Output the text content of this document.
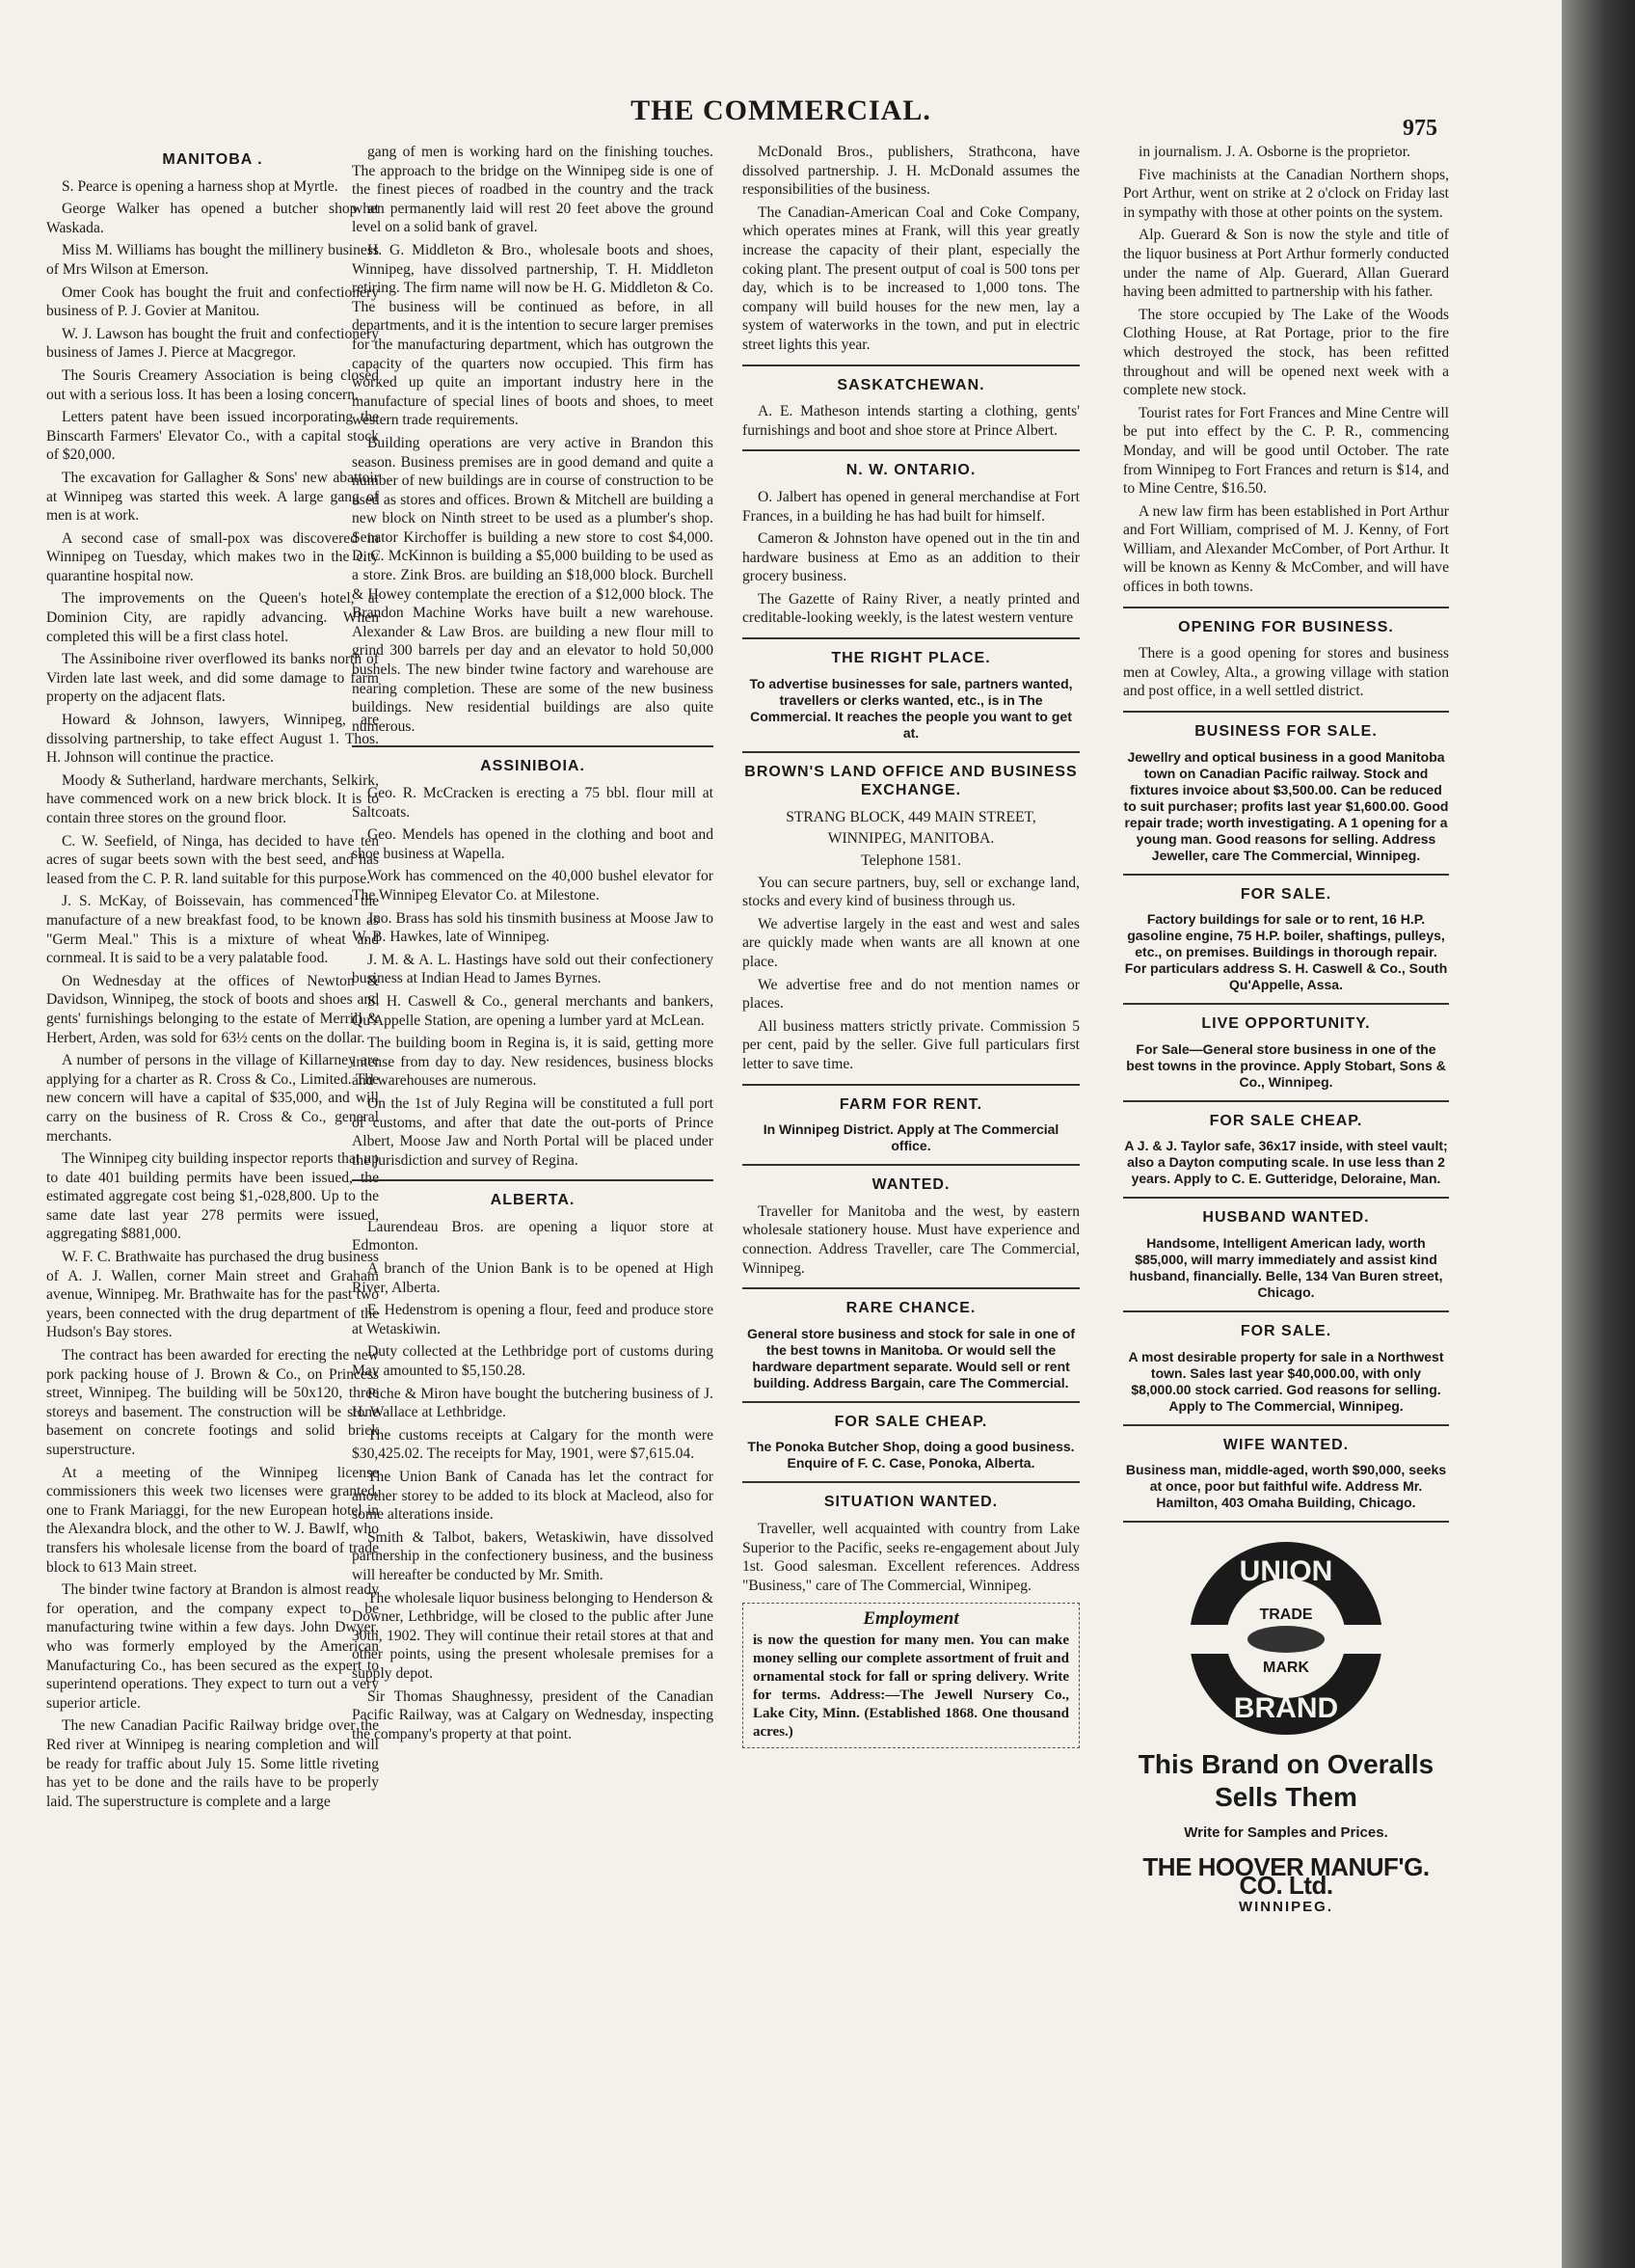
THE COMMERCIAL.
975
MANITOBA .

S. Pearce is opening a harness shop at Myrtle.

George Walker has opened a butcher shop at Waskada.

Miss M. Williams has bought the millinery business of Mrs Wilson at Emerson.

Omer Cook has bought the fruit and confectionery business of P. J. Govier at Manitou.

W. J. Lawson has bought the fruit and confectionery business of James J. Pierce at Macgregor.

The Souris Creamery Association is being closed out with a serious loss. It has been a losing concern.

Letters patent have been issued incorporating the Binscarth Farmers' Elevator Co., with a capital stock of $20,000.

The excavation for Gallagher & Sons' new abattoir at Winnipeg was started this week. A large gang of men is at work.

A second case of small-pox was discovered in Winnipeg on Tuesday, which makes two in the city quarantine hospital now.

The improvements on the Queen's hotel, at Dominion City, are rapidly advancing. When completed this will be a first class hotel.

The Assiniboine river overflowed its banks north of Virden late last week, and did some damage to farm property on the adjacent flats.

Howard & Johnson, lawyers, Winnipeg, are dissolving partnership, to take effect August 1. Thos. H. Johnson will continue the practice.

Moody & Sutherland, hardware merchants, Selkirk, have commenced work on a new brick block. It is to contain three stores on the ground floor.

C. W. Seefield, of Ninga, has decided to have ten acres of sugar beets sown with the best seed, and has leased from the C. P. R. land suitable for this purpose.

J. S. McKay, of Boissevain, has commenced the manufacture of a new breakfast food, to be known as "Germ Meal." This is a mixture of wheat and cornmeal. It is said to be a very palatable food.

On Wednesday at the offices of Newton & Davidson, Winnipeg, the stock of boots and shoes and gents' furnishings belonging to the estate of Merrill & Herbert, Arden, was sold for 63½ cents on the dollar.

A number of persons in the village of Killarney are applying for a charter as R. Cross & Co., Limited. The new concern will have a capital of $35,000, and will carry on the business of R. Cross & Co., general merchants.

The Winnipeg city building inspector reports that up to date 401 building permits have been issued, the estimated aggregate cost being $1,-028,800. Up to the same date last year 278 permits were issued, aggregating $881,000.

W. F. C. Brathwaite has purchased the drug business of A. J. Wallen, corner Main street and Graham avenue, Winnipeg. Mr. Brathwaite has for the past two years, been connected with the drug department of the Hudson's Bay stores.

The contract has been awarded for erecting the new pork packing house of J. Brown & Co., on Princess street, Winnipeg. The building will be 50x120, three storeys and basement. The construction will be stone basement on concrete footings and solid brick superstructure.

At a meeting of the Winnipeg license commissioners this week two licenses were granted, one to Frank Mariaggi, for the new European hotel in the Alexandra block, and the other to W. J. Bawlf, who transfers his wholesale license from the board of trade block to 613 Main street.

The binder twine factory at Brandon is almost ready for operation, and the company expect to be manufacturing twine within a few days. John Dwyer, who was formerly employed by the American Manufacturing Co., has been secured as the expert to superintend operations. They expect to turn out a very superior article.

The new Canadian Pacific Railway bridge over the Red river at Winnipeg is nearing completion and will be ready for traffic about July 15. Some little riveting has yet to be done and the rails have to be properly laid. The superstructure is complete and a large

gang of men is working hard on the finishing touches. The approach to the bridge on the Winnipeg side is one of the finest pieces of roadbed in the country and the track when permanently laid will rest 20 feet above the ground level on a solid bank of gravel.

H. G. Middleton & Bro., wholesale boots and shoes, Winnipeg, have dissolved partnership, T. H. Middleton retiring. The firm name will now be H. G. Middleton & Co. The business will be continued as before, in all departments, and it is the intention to secure larger premises for the manufacturing department, which has outgrown the capacity of the quarters now occupied. This firm has worked up quite an important industry here in the manufacture of special lines of boots and shoes, to meet western trade requirements.

Building operations are very active in Brandon this season. Business premises are in good demand and quite a number of new buildings are in course of construction to be used as stores and offices. Brown & Mitchell are building a new block on Ninth street to be used as a plumber's shop. Senator Kirchoffer is building a new store to cost $4,000. D. C. McKinnon is building a $5,000 building to be used as a store. Zink Bros. are building an $18,000 block. Burchell & Howey contemplate the erection of a $12,000 block. The Brandon Machine Works have built a new warehouse. Alexander & Law Bros. are building a new flour mill to grind 300 barrels per day and an elevator to hold 50,000 bushels. The new binder twine factory and warehouse are nearing completion. These are some of the new business buildings. New residential buildings are also quite numerous.

ASSINIBOIA.

Geo. R. McCracken is erecting a 75 bbl. flour mill at Saltcoats.

Geo. Mendels has opened in the clothing and boot and shoe business at Wapella.

Work has commenced on the 40,000 bushel elevator for The Winnipeg Elevator Co. at Milestone.

Jno. Brass has sold his tinsmith business at Moose Jaw to W. B. Hawkes, late of Winnipeg.

J. M. & A. L. Hastings have sold out their confectionery business at Indian Head to James Byrnes.

S. H. Caswell & Co., general merchants and bankers, Qu'Appelle Station, are opening a lumber yard at McLean.

The building boom in Regina is, it is said, getting more intense from day to day. New residences, business blocks and warehouses are numerous.

On the 1st of July Regina will be constituted a full port of customs, and after that date the out-ports of Prince Albert, Moose Jaw and North Portal will be placed under the jurisdiction and survey of Regina.

ALBERTA.

Laurendeau Bros. are opening a liquor store at Edmonton.

A branch of the Union Bank is to be opened at High River, Alberta.

E. Hedenstrom is opening a flour, feed and produce store at Wetaskiwin.

Duty collected at the Lethbridge port of customs during May amounted to $5,150.28.

Piche & Miron have bought the butchering business of J. H. Wallace at Lethbridge.

The customs receipts at Calgary for the month were $30,425.02. The receipts for May, 1901, were $7,615.04.

The Union Bank of Canada has let the contract for another storey to be added to its block at Macleod, also for some alterations inside.

Smith & Talbot, bakers, Wetaskiwin, have dissolved partnership in the confectionery business, and the business will hereafter be conducted by Mr. Smith.

The wholesale liquor business belonging to Henderson & Downer, Lethbridge, will be closed to the public after June 30th, 1902. They will continue their retail stores at that and other points, using the present wholesale premises for a supply depot.

Sir Thomas Shaughnessy, president of the Canadian Pacific Railway, was at Calgary on Wednesday, inspecting the company's property at that point.

McDonald Bros., publishers, Strathcona, have dissolved partnership. J. H. McDonald assumes the responsibilities of the business.

The Canadian-American Coal and Coke Company, which operates mines at Frank, will this year greatly increase the capacity of their plant, especially the coking plant. The present output of coal is 500 tons per day, which is to be increased to 1,000 tons. The company will build houses for the new men, lay a system of waterworks in the town, and put in electric street lights this year.

SASKATCHEWAN.

A. E. Matheson intends starting a clothing, gents' furnishings and boot and shoe store at Prince Albert.

N. W. ONTARIO.

O. Jalbert has opened in general merchandise at Fort Frances, in a building he has had built for himself.

Cameron & Johnston have opened out in the tin and hardware business at Emo as an addition to their grocery business.

The Gazette of Rainy River, a neatly printed and creditable-looking weekly, is the latest western venture

THE RIGHT PLACE.
To advertise businesses for sale, partners wanted, travellers or clerks wanted, etc., is in The Commercial. It reaches the people you want to get at.
BROWN'S LAND OFFICE AND BUSINESS EXCHANGE.
STRANG BLOCK, 449 MAIN STREET,
WINNIPEG, MANITOBA.
Telephone 1581.

You can secure partners, buy, sell or exchange land, stocks and every kind of business through us.

We advertise largely in the east and west and sales are quickly made when wants are all known at one place.

We advertise free and do not mention names or places.

All business matters strictly private. Commission 5 per cent, paid by the seller. Give full particulars first letter to save time.

FARM FOR RENT.
In Winnipeg District. Apply at The Commercial office.
WANTED.

Traveller for Manitoba and the west, by eastern wholesale stationery house. Must have experience and connection. Address Traveller, care The Commercial, Winnipeg.

RARE CHANCE.
General store business and stock for sale in one of the best towns in Manitoba. Or would sell the hardware department separate. Would sell or rent building. Address Bargain, care The Commercial.
FOR SALE CHEAP.
The Ponoka Butcher Shop, doing a good business. Enquire of F. C. Case, Ponoka, Alberta.
SITUATION WANTED.

Traveller, well acquainted with country from Lake Superior to the Pacific, seeks re-engagement about July 1st. Good salesman. Excellent references. Address "Business," care of The Commercial, Winnipeg.

Employment
is now the question for many men. You can make money selling our complete assortment of fruit and ornamental stock for fall or spring delivery. Write for terms. Address:—The Jewell Nursery Co., Lake City, Minn. (Established 1868. One thousand acres.)

in journalism. J. A. Osborne is the proprietor.

Five machinists at the Canadian Northern shops, Port Arthur, went on strike at 2 o'clock on Friday last in sympathy with those at other points on the system.

Alp. Guerard & Son is now the style and title of the liquor business at Port Arthur formerly conducted under the name of Alp. Guerard, Allan Guerard having been admitted to partnership with his father.

The store occupied by The Lake of the Woods Clothing House, at Rat Portage, prior to the fire which destroyed the stock, has been refitted throughout and will be opened next week with a complete new stock.

Tourist rates for Fort Frances and Mine Centre will be put into effect by the C. P. R., commencing Monday, and will be good until October. The rate from Winnipeg to Fort Frances and return is $14, and to Mine Centre, $16.50.

A new law firm has been established in Port Arthur and Fort William, comprised of M. J. Kenny, of Fort William, and Alexander McComber, of Port Arthur. It will be known as Kenny & McComber, and will have offices in both towns.

OPENING FOR BUSINESS.

There is a good opening for stores and business men at Cowley, Alta., a growing village with station and post office, in a well settled district.

BUSINESS FOR SALE.
Jewellry and optical business in a good Manitoba town on Canadian Pacific railway. Stock and fixtures invoice about $3,500.00. Can be reduced to suit purchaser; profits last year $1,600.00. Good repair trade; worth investigating. A 1 opening for a young man. Good reasons for selling. Address Jeweller, care The Commercial, Winnipeg.
FOR SALE.
Factory buildings for sale or to rent, 16 H.P. gasoline engine, 75 H.P. boiler, shaftings, pulleys, etc., on premises. Buildings in thorough repair. For particulars address S. H. Caswell & Co., South Qu'Appelle, Assa.
LIVE OPPORTUNITY.
For Sale—General store business in one of the best towns in the province. Apply Stobart, Sons & Co., Winnipeg.
FOR SALE CHEAP.
A J. & J. Taylor safe, 36x17 inside, with steel vault; also a Dayton computing scale. In use less than 2 years. Apply to C. E. Gutteridge, Deloraine, Man.
HUSBAND WANTED.
Handsome, Intelligent American lady, worth $85,000, will marry immediately and assist kind husband, financially. Belle, 134 Van Buren street, Chicago.
FOR SALE.
A most desirable property for sale in a Northwest town. Sales last year $40,000.00, with only $8,000.00 stock carried. God reasons for selling. Apply to The Commercial, Winnipeg.
WIFE WANTED.
Business man, middle-aged, worth $90,000, seeks at once, poor but faithful wife. Address Mr. Hamilton, 403 Omaha Building, Chicago.
UNION
TRADE
MARK
BRAND
This Brand on Overalls Sells Them
Write for Samples and Prices.
THE HOOVER MANUF'G. CO. Ltd.
WINNIPEG.
